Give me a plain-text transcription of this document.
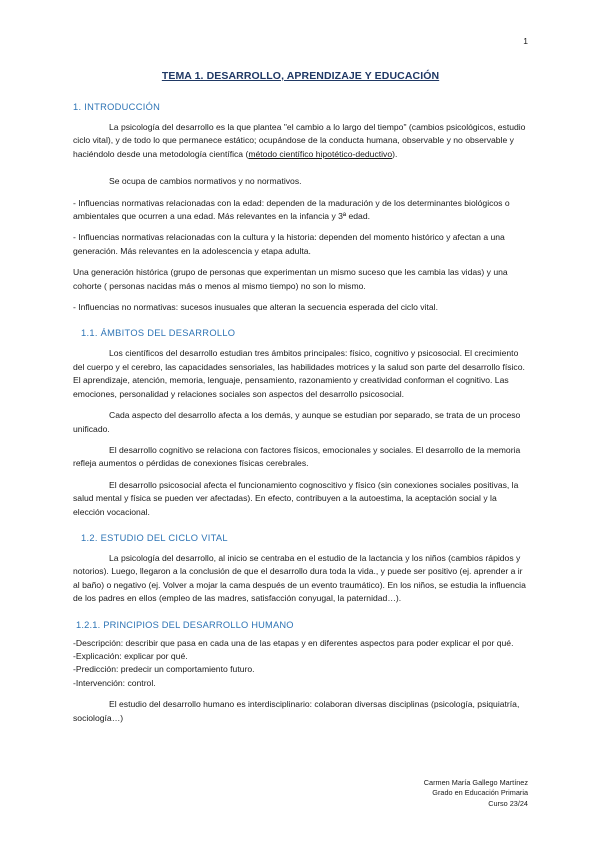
1
TEMA 1. DESARROLLO, APRENDIZAJE Y EDUCACIÓN
1. INTRODUCCIÓN

La psicología del desarrollo es la que plantea "el cambio a lo largo del tiempo" (cambios psicológicos, estudio ciclo vital), y de todo lo que permanece estático; ocupándose de la conducta humana, observable y no observable y haciéndolo desde una metodología científica (método científico hipotético-deductivo).

Se ocupa de cambios normativos y no normativos.

- Influencias normativas relacionadas con la edad: dependen de la maduración y de los determinantes biológicos o ambientales que ocurren a una edad. Más relevantes en la infancia y 3ª edad.

- Influencias normativas relacionadas con la cultura y la historia: dependen del momento histórico y afectan a una generación. Más relevantes en la adolescencia y etapa adulta.

Una generación histórica (grupo de personas que experimentan un mismo suceso que les cambia las vidas) y una cohorte ( personas nacidas más o menos al mismo tiempo) no son lo mismo.

- Influencias no normativas: sucesos inusuales que alteran la secuencia esperada del ciclo vital.

1.1. ÁMBITOS DEL DESARROLLO

Los científicos del desarrollo estudian tres ámbitos principales: físico, cognitivo y psicosocial. El crecimiento del cuerpo y el cerebro, las capacidades sensoriales, las habilidades motrices y la salud son parte del desarrollo físico. El aprendizaje, atención, memoria, lenguaje, pensamiento, razonamiento y creatividad conforman el cognitivo. Las emociones, personalidad y relaciones sociales son aspectos del desarrollo psicosocial.

Cada aspecto del desarrollo afecta a los demás, y aunque se estudian por separado, se trata de un proceso unificado.

El desarrollo cognitivo se relaciona con factores físicos, emocionales y sociales. El desarrollo de la memoria refleja aumentos o pérdidas de conexiones físicas cerebrales.

El desarrollo psicosocial afecta el funcionamiento cognoscitivo y físico (sin conexiones sociales positivas, la salud mental y física se pueden ver afectadas). En efecto, contribuyen a la autoestima, la aceptación social y la elección vocacional.

1.2. ESTUDIO DEL CICLO VITAL

La psicología del desarrollo, al inicio se centraba en el estudio de la lactancia y los niños (cambios rápidos y notorios). Luego, llegaron a la conclusión de que el desarrollo dura toda la vida., y puede ser positivo (ej. aprender a ir al baño) o negativo (ej. Volver a mojar la cama después de un evento traumático). En los niños, se estudia la influencia de los padres en ellos (empleo de las madres, satisfacción conyugal, la paternidad…).

1.2.1. PRINCIPIOS DEL DESARROLLO HUMANO

-Descripción: describir que pasa en cada una de las etapas y en diferentes aspectos para poder explicar el por qué.

-Explicación: explicar por qué.

-Predicción: predecir un comportamiento futuro.

-Intervención: control.

El estudio del desarrollo humano es interdisciplinario: colaboran diversas disciplinas (psicología, psiquiatría, sociología…)

Carmen María Gallego Martínez
Grado en Educación Primaria
Curso 23/24
